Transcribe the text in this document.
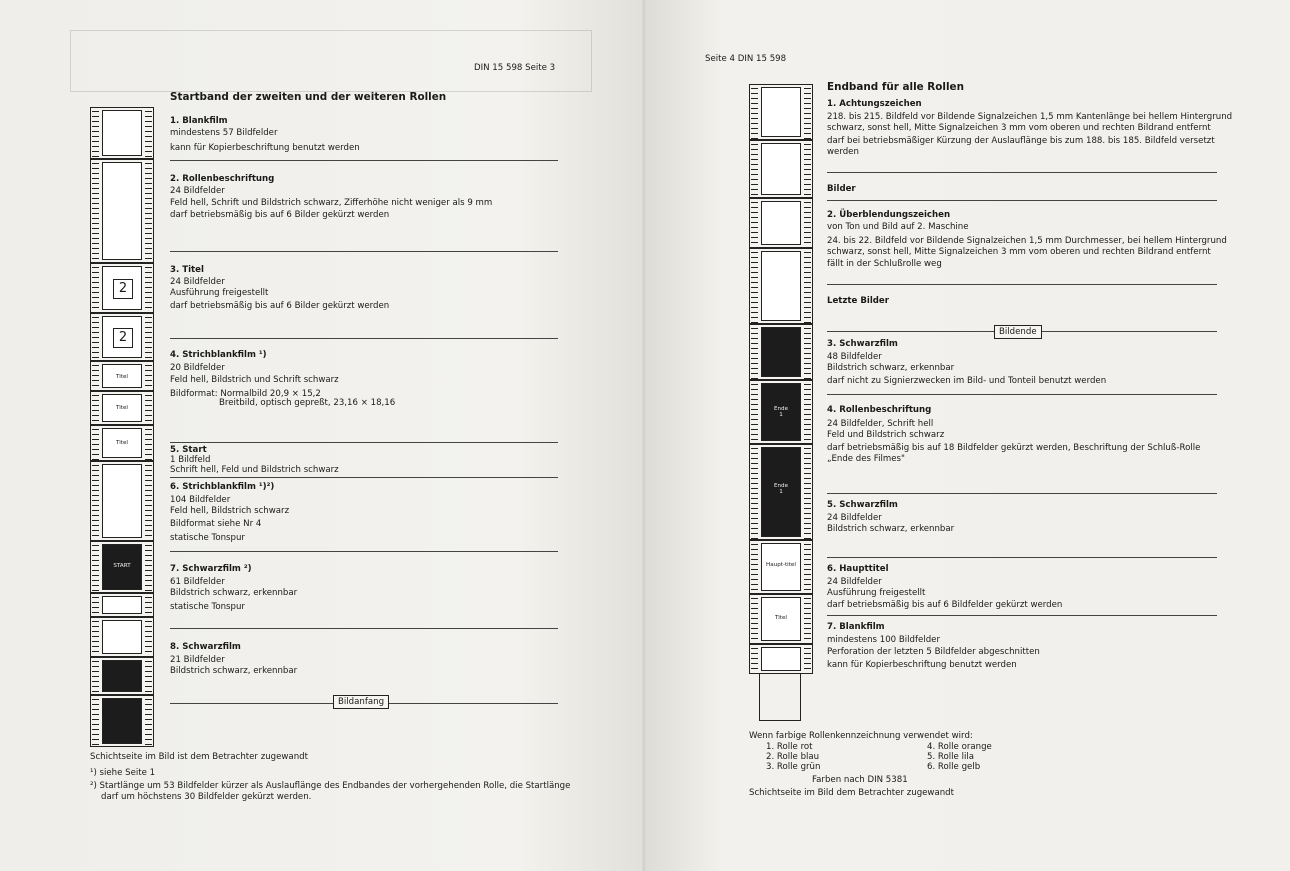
DIN 15 598 Seite 3
Startband der zweiten und der weiteren Rollen
2
2
Titel
Titel
Titel
START
1. Blankfilm
mindestens 57 Bildfelder
kann für Kopierbeschriftung benutzt werden
2. Rollenbeschriftung
24 Bildfelder
Feld hell, Schrift und Bildstrich schwarz, Zifferhöhe nicht weniger als 9 mm
darf betriebsmäßig bis auf 6 Bilder gekürzt werden
3. Titel
24 Bildfelder
Ausführung freigestellt
darf betriebsmäßig bis auf 6 Bilder gekürzt werden
4. Strichblankfilm ¹)
20 Bildfelder
Feld hell, Bildstrich und Schrift schwarz
Bildformat: Normalbild 20,9 × 15,2
Breitbild, optisch gepreßt, 23,16 × 18,16
5. Start
1 Bildfeld
Schrift hell, Feld und Bildstrich schwarz
6. Strichblankfilm ¹)²)
104 Bildfelder
Feld hell, Bildstrich schwarz
Bildformat siehe Nr 4
statische Tonspur
7. Schwarzfilm ²)
61 Bildfelder
Bildstrich schwarz, erkennbar
statische Tonspur
8. Schwarzfilm
21 Bildfelder
Bildstrich schwarz, erkennbar
Bildanfang
Schichtseite im Bild ist dem Betrachter zugewandt
¹) siehe Seite 1
²) Startlänge um 53 Bildfelder kürzer als Auslauflänge des Endbandes der vorhergehenden Rolle, die Startlänge
darf um höchstens 30 Bildfelder gekürzt werden.
Seite 4 DIN 15 598
Endband für alle Rollen
Ende
1
Ende
1
Haupt-titel
Titel
1. Achtungszeichen
218. bis 215. Bildfeld vor Bildende Signalzeichen 1,5 mm Kantenlänge bei hellem Hintergrund
schwarz, sonst hell, Mitte Signalzeichen 3 mm vom oberen und rechten Bildrand entfernt
darf bei betriebsmäßiger Kürzung der Auslauflänge bis zum 188. bis 185. Bildfeld versetzt
werden
Bilder
2. Überblendungszeichen
von Ton und Bild auf 2. Maschine
24. bis 22. Bildfeld vor Bildende Signalzeichen 1,5 mm Durchmesser, bei hellem Hintergrund
schwarz, sonst hell, Mitte Signalzeichen 3 mm vom oberen und rechten Bildrand entfernt
fällt in der Schlußrolle weg
Letzte Bilder
Bildende
3. Schwarzfilm
48 Bildfelder
Bildstrich schwarz, erkennbar
darf nicht zu Signierzwecken im Bild- und Tonteil benutzt werden
4. Rollenbeschriftung
24 Bildfelder, Schrift hell
Feld und Bildstrich schwarz
darf betriebsmäßig bis auf 18 Bildfelder gekürzt werden, Beschriftung der Schluß-Rolle
„Ende des Filmes"
5. Schwarzfilm
24 Bildfelder
Bildstrich schwarz, erkennbar
6. Haupttitel
24 Bildfelder
Ausführung freigestellt
darf betriebsmäßig bis auf 6 Bildfelder gekürzt werden
7. Blankfilm
mindestens 100 Bildfelder
Perforation der letzten 5 Bildfelder abgeschnitten
kann für Kopierbeschriftung benutzt werden
Wenn farbige Rollenkennzeichnung verwendet wird:
1. Rolle rot
2. Rolle blau
3. Rolle grün
4. Rolle orange
5. Rolle lila
6. Rolle gelb
Farben nach DIN 5381
Schichtseite im Bild dem Betrachter zugewandt
